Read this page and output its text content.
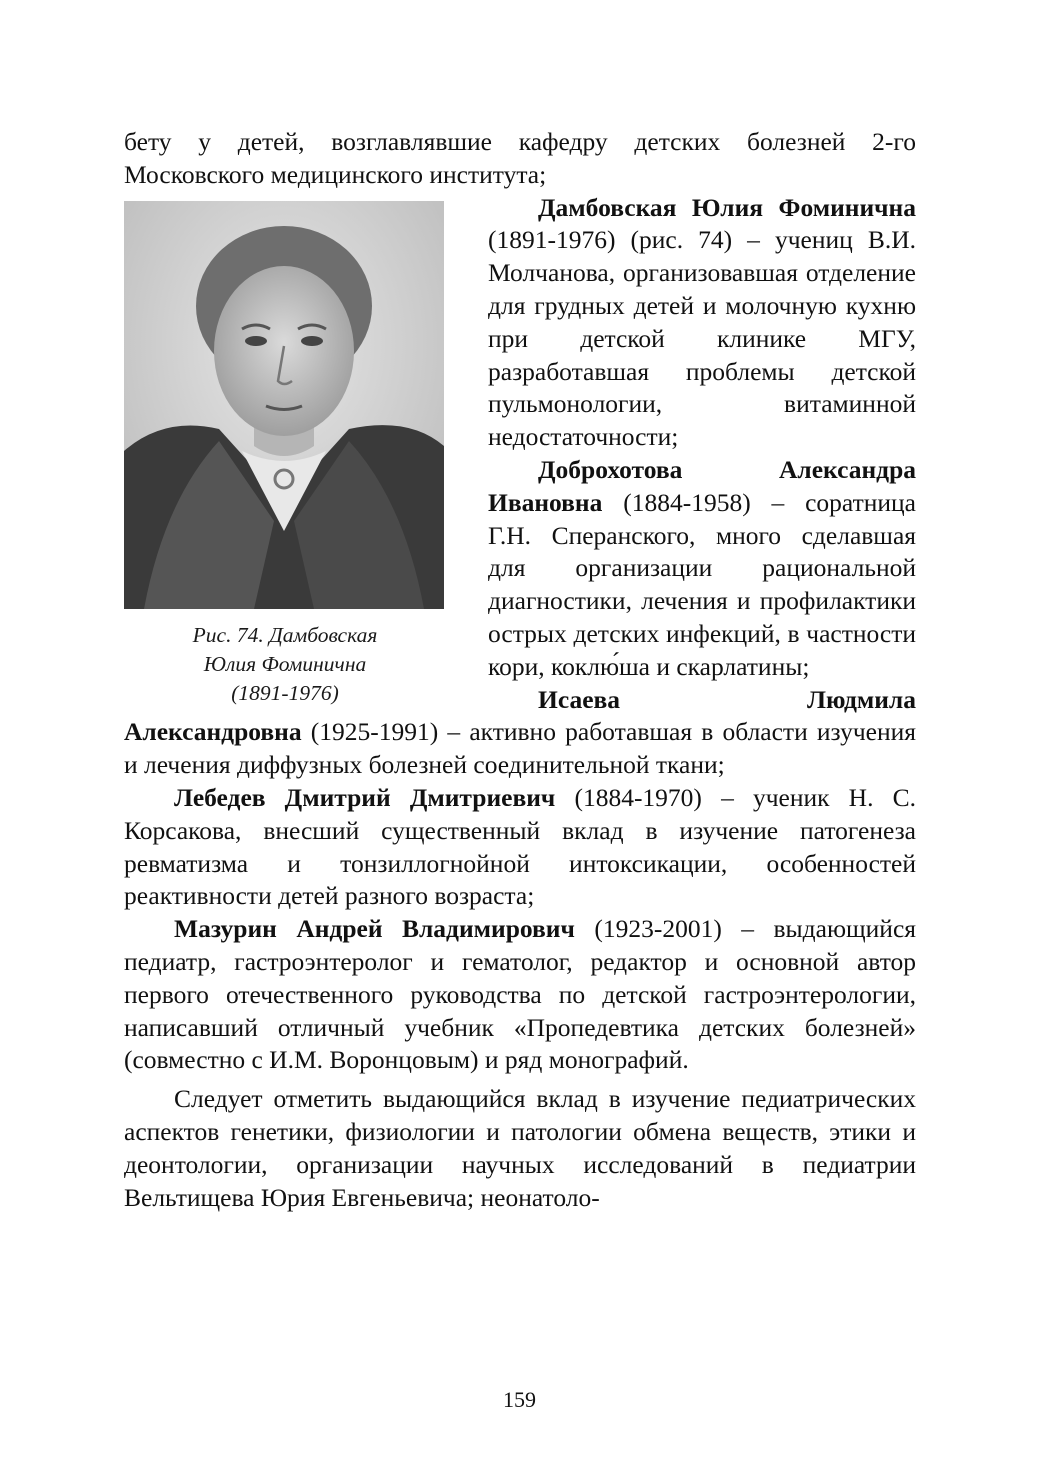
бету у детей, возглавлявшие кафедру детских болезней 2-го Московского медицинского института;

Рис. 74. Дамбовская
Юлия Фоминична
(1891-1976)

Дамбовская Юлия Фоминична (1891-1976) (рис. 74) – учениц В.И. Молчанова, организовавшая отделение для грудных детей и молочную кухню при детской клинике МГУ, разработавшая проблемы детской пульмонологии, витаминной недостаточности;

Доброхотова Александра Ивановна (1884-1958) – соратница Г.Н. Сперанского, много сделавшая для организации рациональной диагностики, лечения и профилактики острых детских инфекций, в частности кори, коклю́ша и скарлатины;

Исаева Людмила Александровна (1925-1991) – активно работавшая в области изучения и лечения диффузных болезней соединительной ткани;

Лебедев Дмитрий Дмитриевич (1884-1970) – ученик Н. С. Корсакова, внесший существенный вклад в изучение патогенеза ревматизма и тонзиллогнойной интоксикации, особенностей реактивности детей разного возраста;

Мазурин Андрей Владимирович (1923-2001) – выдающийся педиатр, гастроэнтеролог и гематолог, редактор и основной автор первого отечественного руководства по детской гастроэнтерологии, написавший отличный учебник «Пропедевтика детских болезней» (совместно с И.М. Воронцовым) и ряд монографий.

Следует отметить выдающийся вклад в изучение педиатрических аспектов генетики, физиологии и патологии обмена веществ, этики и деонтологии, организации научных исследований в педиатрии Вельтищева Юрия Евгеньевича; неонатоло-

159
